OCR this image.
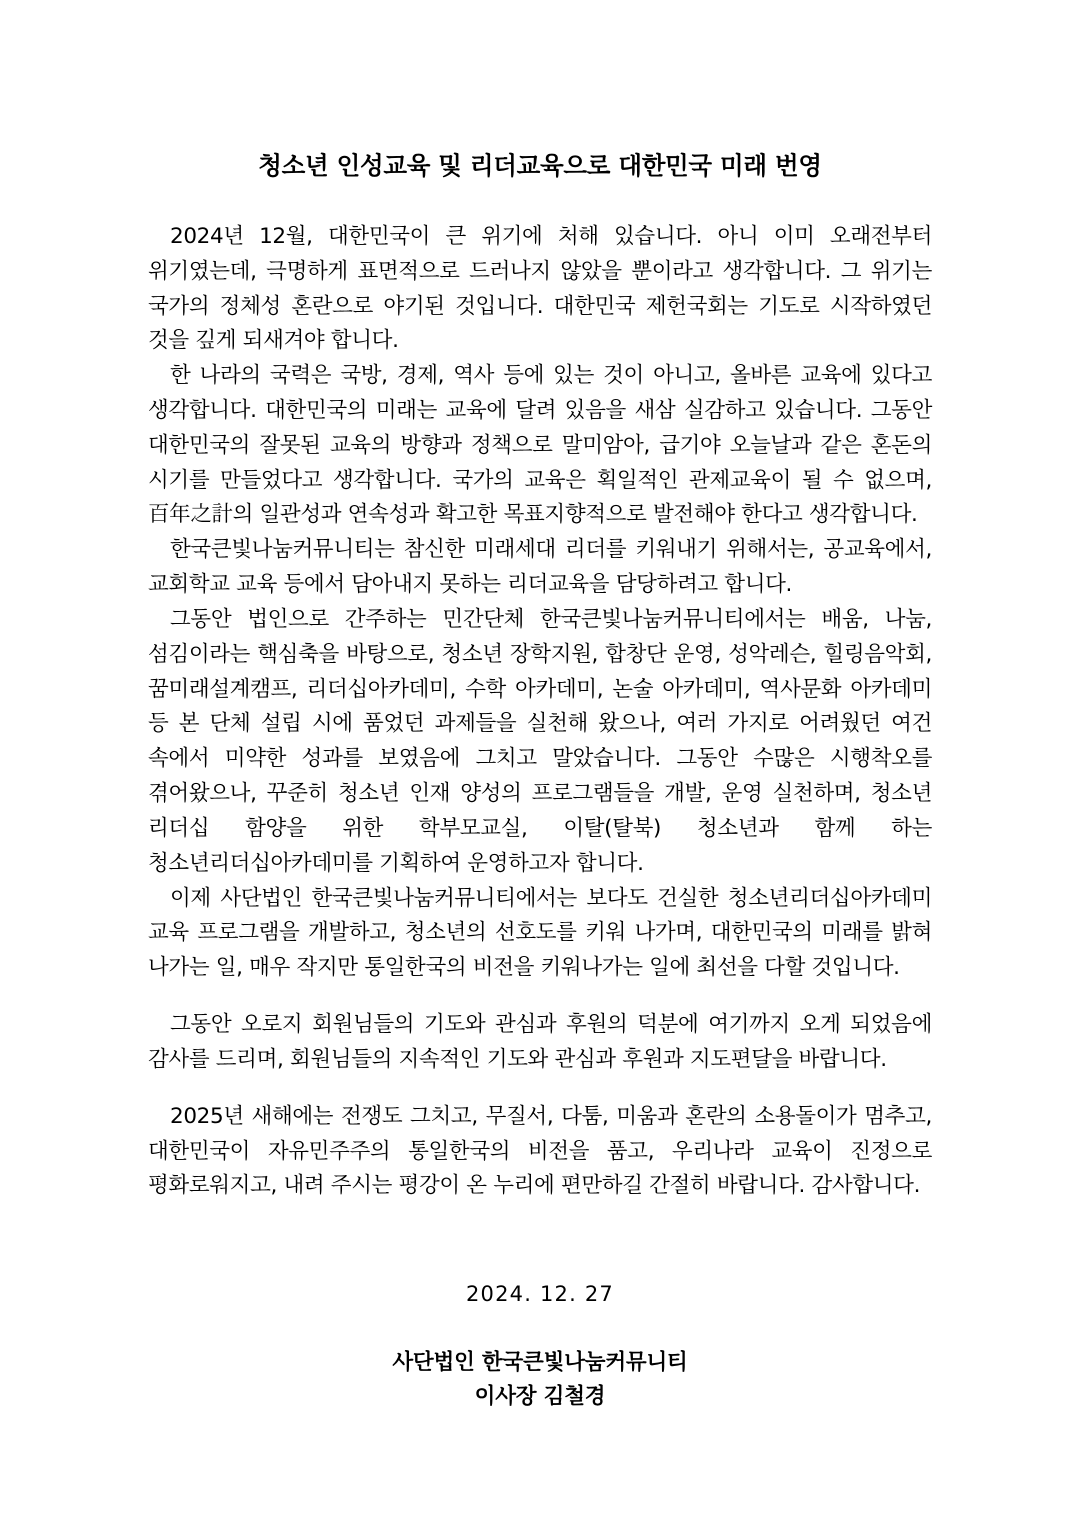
청소년 인성교육 및 리더교육으로 대한민국 미래 번영

2024년 12월, 대한민국이 큰 위기에 처해 있습니다. 아니 이미 오래전부터 위기였는데, 극명하게 표면적으로 드러나지 않았을 뿐이라고 생각합니다. 그 위기는 국가의 정체성 혼란으로 야기된 것입니다. 대한민국 제헌국회는 기도로 시작하였던 것을 깊게 되새겨야 합니다.

한 나라의 국력은 국방, 경제, 역사 등에 있는 것이 아니고, 올바른 교육에 있다고 생각합니다. 대한민국의 미래는 교육에 달려 있음을 새삼 실감하고 있습니다. 그동안 대한민국의 잘못된 교육의 방향과 정책으로 말미암아, 급기야 오늘날과 같은 혼돈의 시기를 만들었다고 생각합니다. 국가의 교육은 획일적인 관제교육이 될 수 없으며, 百年之計의 일관성과 연속성과 확고한 목표지향적으로 발전해야 한다고 생각합니다.

한국큰빛나눔커뮤니티는 참신한 미래세대 리더를 키워내기 위해서는, 공교육에서, 교회학교 교육 등에서 담아내지 못하는 리더교육을 담당하려고 합니다.

그동안 법인으로 간주하는 민간단체 한국큰빛나눔커뮤니티에서는 배움, 나눔, 섬김이라는 핵심축을 바탕으로, 청소년 장학지원, 합창단 운영, 성악레슨, 힐링음악회, 꿈미래설계캠프, 리더십아카데미, 수학 아카데미, 논술 아카데미, 역사문화 아카데미 등 본 단체 설립 시에 품었던 과제들을 실천해 왔으나, 여러 가지로 어려웠던 여건 속에서 미약한 성과를 보였음에 그치고 말았습니다. 그동안 수많은 시행착오를 겪어왔으나, 꾸준히 청소년 인재 양성의 프로그램들을 개발, 운영 실천하며, 청소년 리더십 함양을 위한 학부모교실, 이탈(탈북) 청소년과 함께 하는 청소년리더십아카데미를 기획하여 운영하고자 합니다.

이제 사단법인 한국큰빛나눔커뮤니티에서는 보다도 건실한 청소년리더십아카데미 교육 프로그램을 개발하고, 청소년의 선호도를 키워 나가며, 대한민국의 미래를 밝혀 나가는 일, 매우 작지만 통일한국의 비전을 키워나가는 일에 최선을 다할 것입니다.

그동안 오로지 회원님들의 기도와 관심과 후원의 덕분에 여기까지 오게 되었음에 감사를 드리며, 회원님들의 지속적인 기도와 관심과 후원과 지도편달을 바랍니다.

2025년 새해에는 전쟁도 그치고, 무질서, 다툼, 미움과 혼란의 소용돌이가 멈추고, 대한민국이 자유민주주의 통일한국의 비전을 품고, 우리나라 교육이 진정으로 평화로워지고, 내려 주시는 평강이 온 누리에 편만하길 간절히 바랍니다. 감사합니다.

2024. 12. 27
사단법인 한국큰빛나눔커뮤니티
이사장 김철경
